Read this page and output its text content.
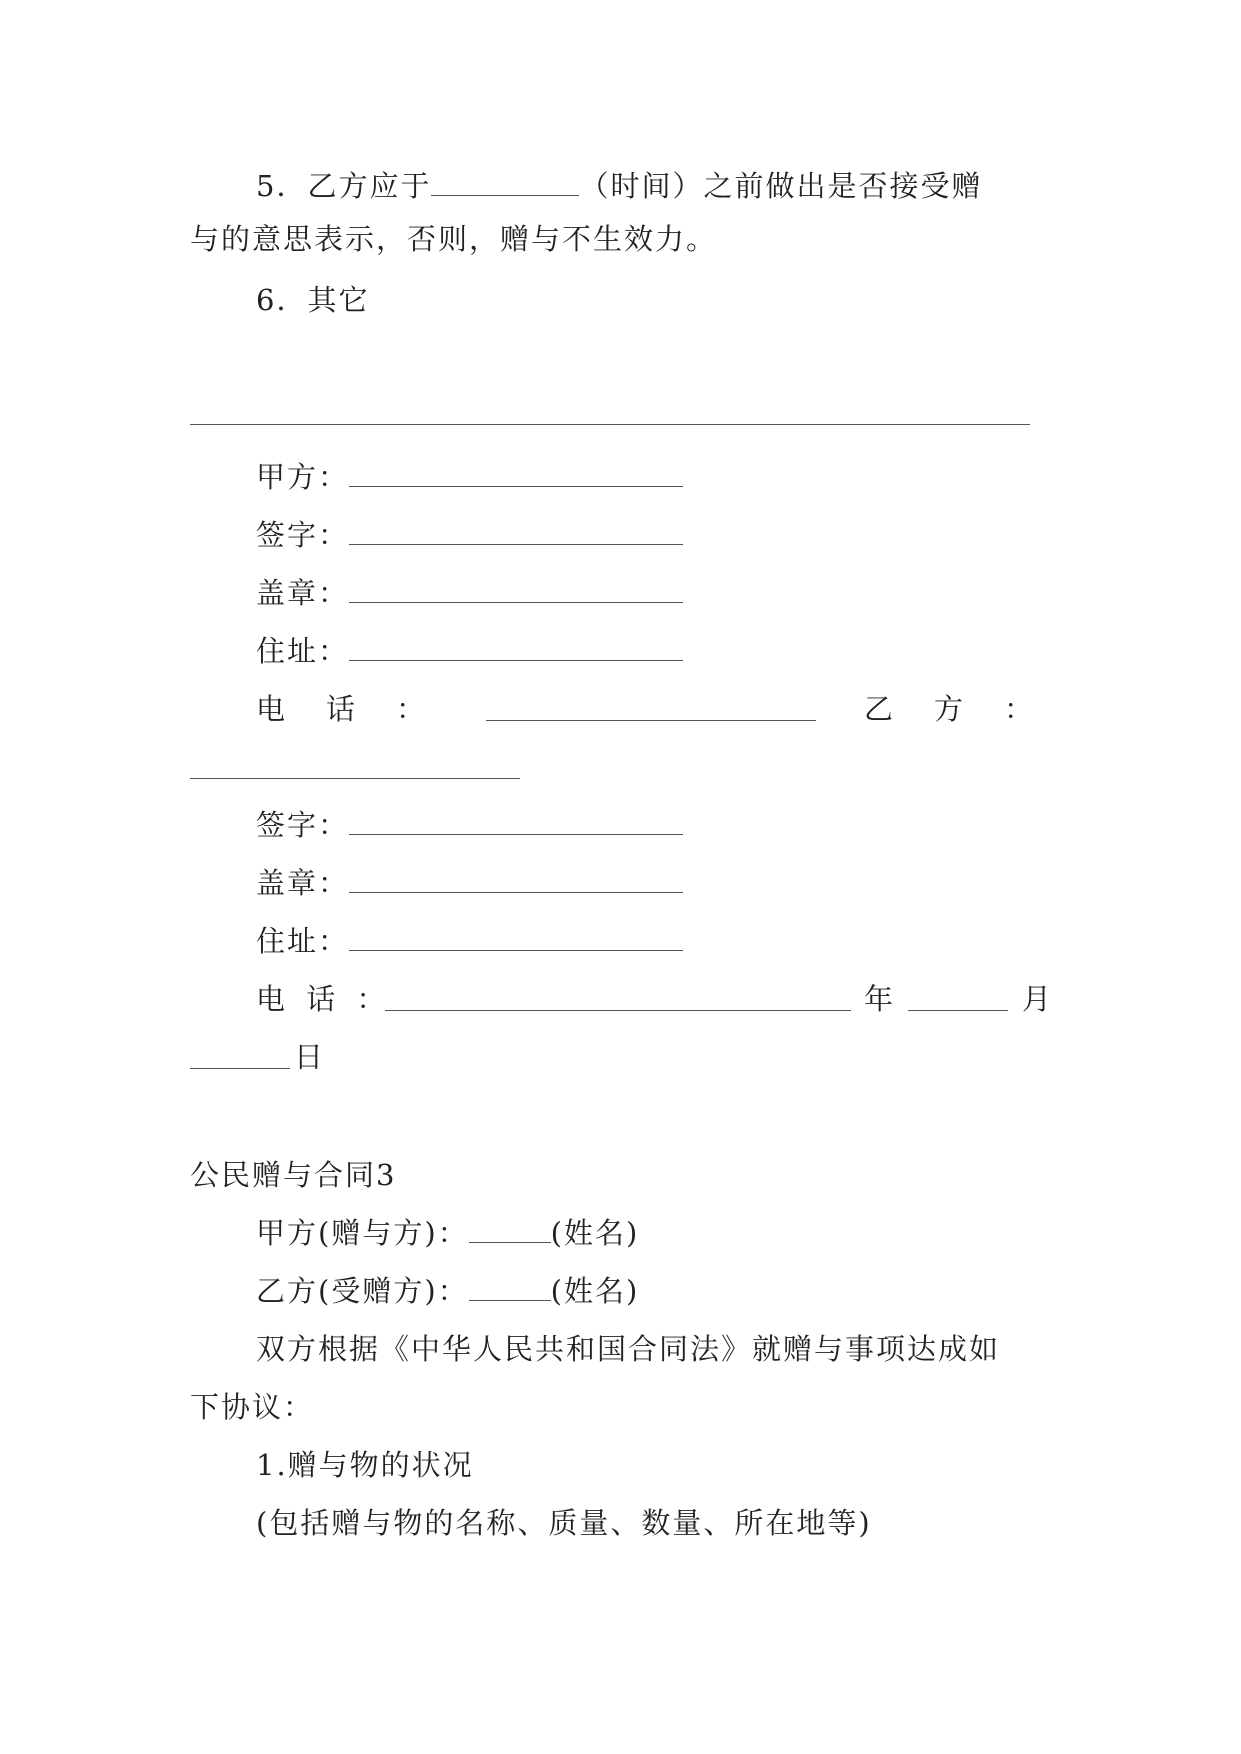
5．乙方应于	（时间）之前做出是否接受赠
与的意思表示，否则，赠与不生效力。
6．其它
甲方：
签字：
盖章：
住址：
电　话　：	乙　方　：
签字：
盖章：
住址：
电 话 ：	年	月
日
公民赠与合同3
甲方(赠与方)：	(姓名)
乙方(受赠方)：	(姓名)
双方根据《中华人民共和国合同法》就赠与事项达成如
下协议：
1.赠与物的状况
(包括赠与物的名称、质量、数量、所在地等)
